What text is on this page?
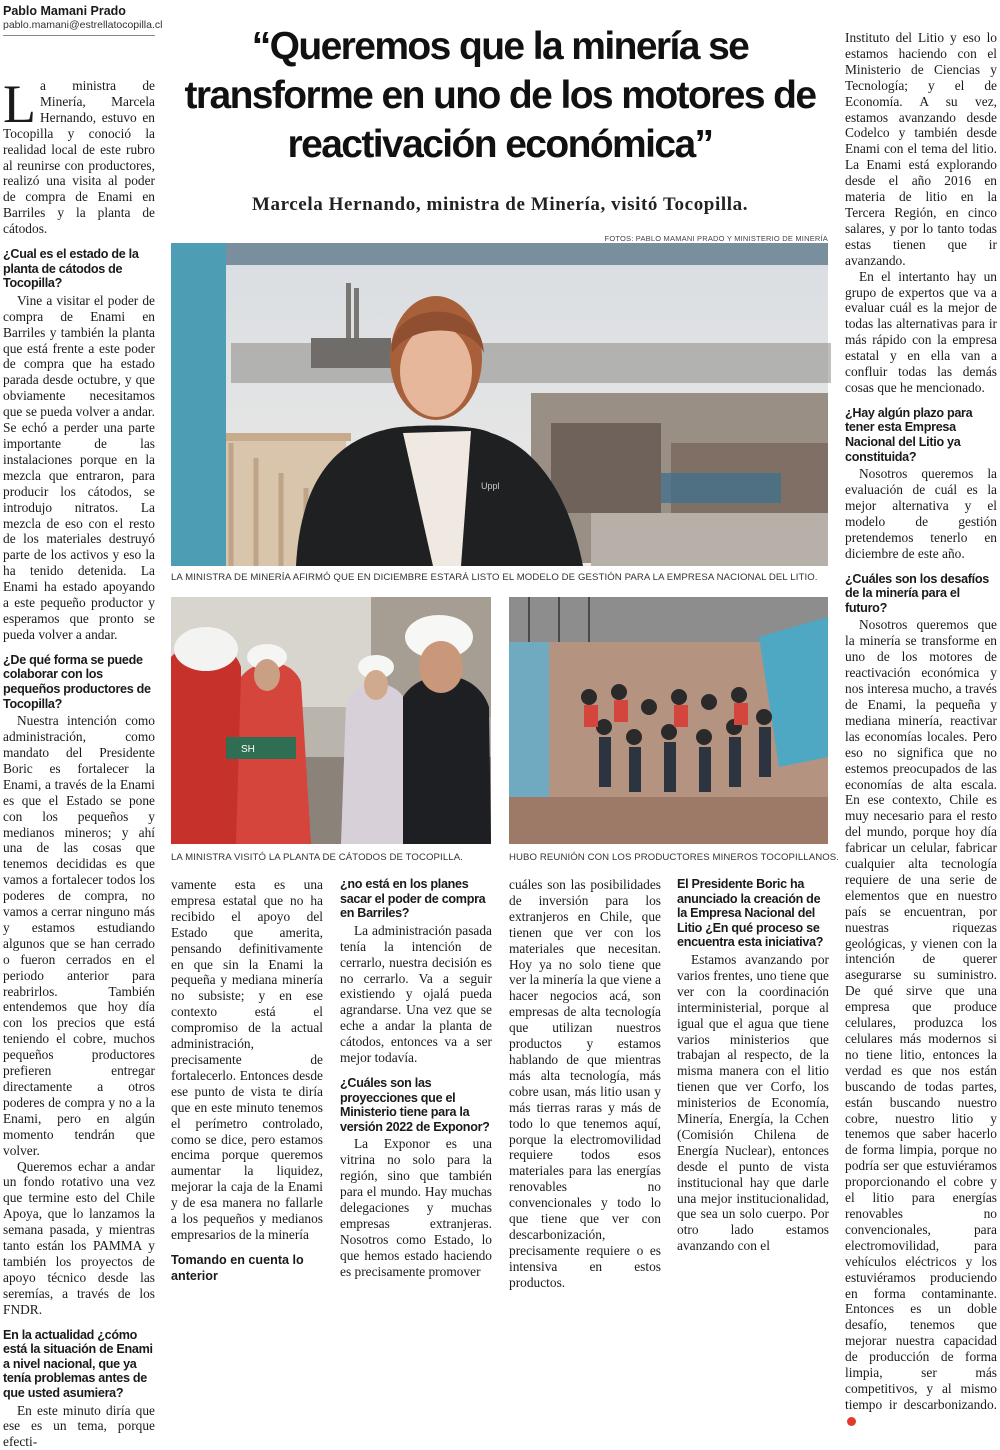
Pablo Mamani Prado
pablo.mamani@estrellatocopilla.cl	“Queremos que la minería se transforme en uno de los motores de reactivación económica”
Marcela Hernando, ministra de Minería, visitó Tocopilla.
FOTOS: PABLO MAMANI PRADO Y MINISTERIO DE MINERÍA
Uppl
LA MINISTRA DE MINERÍA AFIRMÓ QUE EN DICIEMBRE ESTARÁ LISTO EL MODELO DE GESTIÓN PARA LA EMPRESA NACIONAL DEL LITIO.
SH
LA MINISTRA VISITÓ LA PLANTA DE CÁTODOS DE TOCOPILLA.	HUBO REUNIÓN CON LOS PRODUCTORES MINEROS TOCOPILLANOS.

La ministra de Minería, Marcela Hernando, estuvo en Tocopilla y conoció la realidad local de este rubro al reunirse con productores, realizó una visita al poder de compra de Enami en Barriles y la planta de cátodos.

¿Cual es el estado de la planta de cátodos de Tocopilla?

Vine a visitar el poder de compra de Enami en Barriles y también la planta que está frente a este poder de compra que ha estado parada desde octubre, y que obviamente necesitamos que se pueda volver a andar. Se echó a perder una parte importante de las instalaciones porque en la mezcla que entraron, para producir los cátodos, se introdujo nitratos. La mezcla de eso con el resto de los materiales destruyó parte de los activos y eso la ha tenido detenida. La Enami ha estado apoyando a este pequeño productor y esperamos que pronto se pueda volver a andar.

¿De qué forma se puede colaborar con los pequeños productores de Tocopilla?

Nuestra intención como administración, como mandato del Presidente Boric es fortalecer la Enami, a través de la Enami es que el Estado se pone con los pequeños y medianos mineros; y ahí una de las cosas que tenemos decididas es que vamos a fortalecer todos los poderes de compra, no vamos a cerrar ninguno más y estamos estudiando algunos que se han cerrado o fueron cerrados en el periodo anterior para reabrirlos. También entendemos que hoy día con los precios que está teniendo el cobre, muchos pequeños productores prefieren entregar directamente a otros poderes de compra y no a la Enami, pero en algún momento tendrán que volver.

Queremos echar a andar un fondo rotativo una vez que termine esto del Chile Apoya, que lo lanzamos la semana pasada, y mientras tanto están los PAMMA y también los proyectos de apoyo técnico desde las seremías, a través de los FNDR.

En la actualidad ¿cómo está la situación de Enami a nivel nacional, que ya tenía problemas antes de que usted asumiera?

En este minuto diría que ese es un tema, porque efecti-

vamente esta es una empresa estatal que no ha recibido el apoyo del Estado que amerita, pensando definitivamente en que sin la Enami la pequeña y mediana minería no subsiste; y en ese contexto está el compromiso de la actual administración, precisamente de fortalecerlo. Entonces desde ese punto de vista te diría que en este minuto tenemos el perímetro controlado, como se dice, pero estamos encima porque queremos aumentar la liquidez, mejorar la caja de la Enami y de esa manera no fallarle a los pequeños y medianos empresarios de la minería

Tomando en cuenta lo anterior

¿no está en los planes sacar el poder de compra en Barriles?

La administración pasada tenía la intención de cerrarlo, nuestra decisión es no cerrarlo. Va a seguir existiendo y ojalá pueda agrandarse. Una vez que se eche a andar la planta de cátodos, entonces va a ser mejor todavía.

¿Cuáles son las proyecciones que el Ministerio tiene para la versión 2022 de Exponor?

La Exponor es una vitrina no solo para la región, sino que también para el mundo. Hay muchas delegaciones y muchas empresas extranjeras. Nosotros como Estado, lo que hemos estado haciendo es precisamente promover

cuáles son las posibilidades de inversión para los extranjeros en Chile, que tienen que ver con los materiales que necesitan. Hoy ya no solo tiene que ver la minería la que viene a hacer negocios acá, son empresas de alta tecnología que utilizan nuestros productos y estamos hablando de que mientras más alta tecnología, más cobre usan, más litio usan y más tierras raras y más de todo lo que tenemos aquí, porque la electromovilidad requiere todos esos materiales para las energías renovables no convencionales y todo lo que tiene que ver con descarbonización, precisamente requiere o es intensiva en estos productos.

El Presidente Boric ha anunciado la creación de la Empresa Nacional del Litio ¿En qué proceso se encuentra esta iniciativa?

Estamos avanzando por varios frentes, uno tiene que ver con la coordinación interministerial, porque al igual que el agua que tiene varios ministerios que trabajan al respecto, de la misma manera con el litio tienen que ver Corfo, los ministerios de Economía, Minería, Energía, la Cchen (Comisión Chilena de Energía Nuclear), entonces desde el punto de vista institucional hay que darle una mejor institucionalidad, que sea un solo cuerpo. Por otro lado estamos avanzando con el

Instituto del Litio y eso lo estamos haciendo con el Ministerio de Ciencias y Tecnología; y el de Economía. A su vez, estamos avanzando desde Codelco y también desde Enami con el tema del litio. La Enami está explorando desde el año 2016 en materia de litio en la Tercera Región, en cinco salares, y por lo tanto todas estas tienen que ir avanzando.

En el intertanto hay un grupo de expertos que va a evaluar cuál es la mejor de todas las alternativas para ir más rápido con la empresa estatal y en ella van a confluir todas las demás cosas que he mencionado.

¿Hay algún plazo para tener esta Empresa Nacional del Litio ya constituida?

Nosotros queremos la evaluación de cuál es la mejor alternativa y el modelo de gestión pretendemos tenerlo en diciembre de este año.

¿Cuáles son los desafíos de la minería para el futuro?

Nosotros queremos que la minería se transforme en uno de los motores de reactivación económica y nos interesa mucho, a través de Enami, la pequeña y mediana minería, reactivar las economías locales. Pero eso no significa que no estemos preocupados de las economías de alta escala. En ese contexto, Chile es muy necesario para el resto del mundo, porque hoy día fabricar un celular, fabricar cualquier alta tecnología requiere de una serie de elementos que en nuestro país se encuentran, por nuestras riquezas geológicas, y vienen con la intención de querer asegurarse su suministro. De qué sirve que una empresa que produce celulares, produzca los celulares más modernos si no tiene litio, entonces la verdad es que nos están buscando de todas partes, están buscando nuestro cobre, nuestro litio y tenemos que saber hacerlo de forma limpia, porque no podría ser que estuviéramos proporcionando el cobre y el litio para energías renovables no convencionales, para electromovilidad, para vehículos eléctricos y los estuviéramos produciendo en forma contaminante. Entonces es un doble desafío, tenemos que mejorar nuestra capacidad de producción de forma limpia, ser más competitivos, y al mismo tiempo ir descarbonizando.
